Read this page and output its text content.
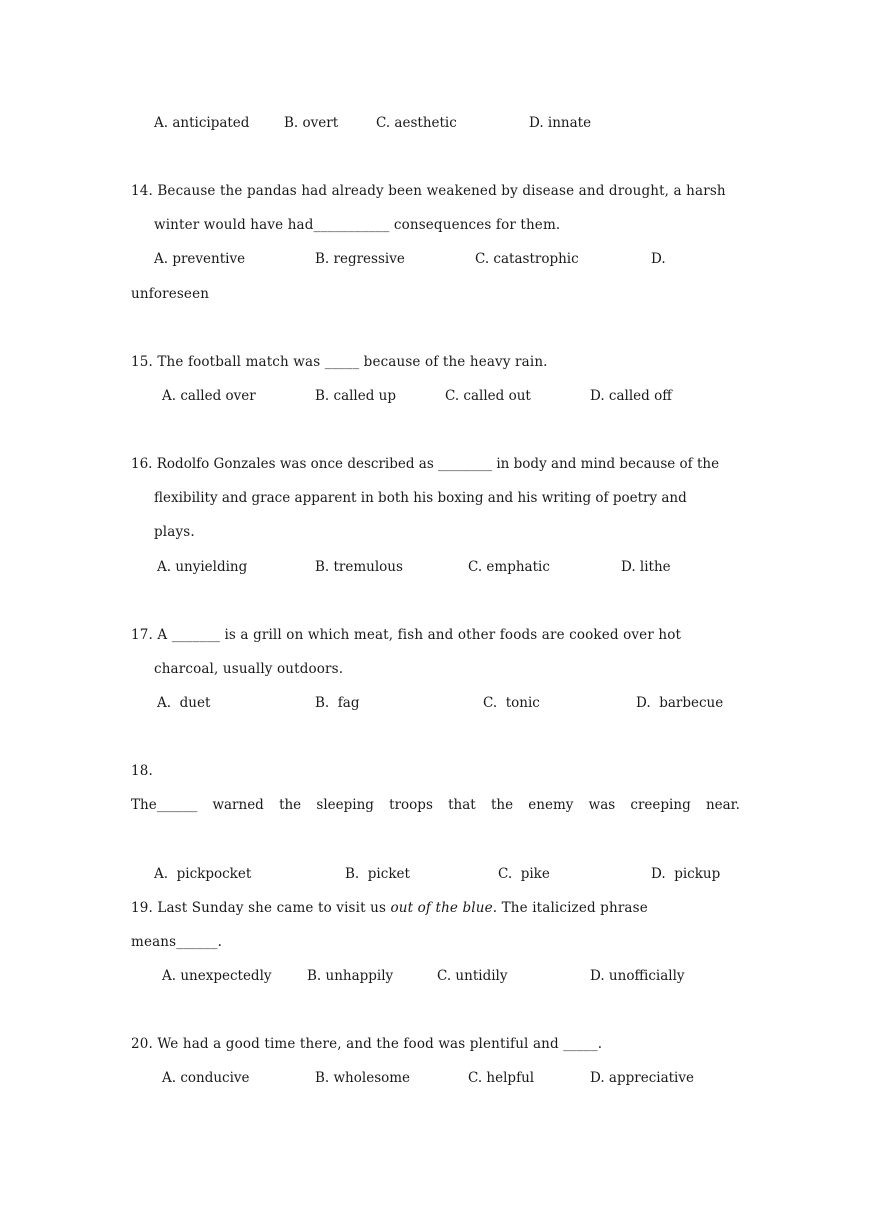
A. anticipated	B. overt	C. aesthetic	D. innate
14. Because the pandas had already been weakened by disease and drought, a harsh
winter would have had___________ consequences for them.
A. preventive	B. regressive	C. catastrophic	D.
unforeseen
15. The football match was _____ because of the heavy rain.
A. called over	B. called up	C. called out	D. called off
16. Rodolfo Gonzales was once described as ________ in body and mind because of the
flexibility and grace apparent in both his boxing and his writing of poetry and
plays.
A. unyielding	B. tremulous	C. emphatic	D. lithe
17. A _______ is a grill on which meat, fish and other foods are cooked over hot
charcoal, usually outdoors.
A.  duet	B.  fag	C.  tonic	D.  barbecue
18.
The______ warned the sleeping troops that the enemy was creeping near.
A.  pickpocket	B.  picket	C.  pike	D.  pickup
19. Last Sunday she came to visit us out of the blue. The italicized phrase
means______.
A. unexpectedly	B. unhappily	C. untidily	D. unofficially
20. We had a good time there, and the food was plentiful and _____.
A. conducive	B. wholesome	C. helpful	D. appreciative
